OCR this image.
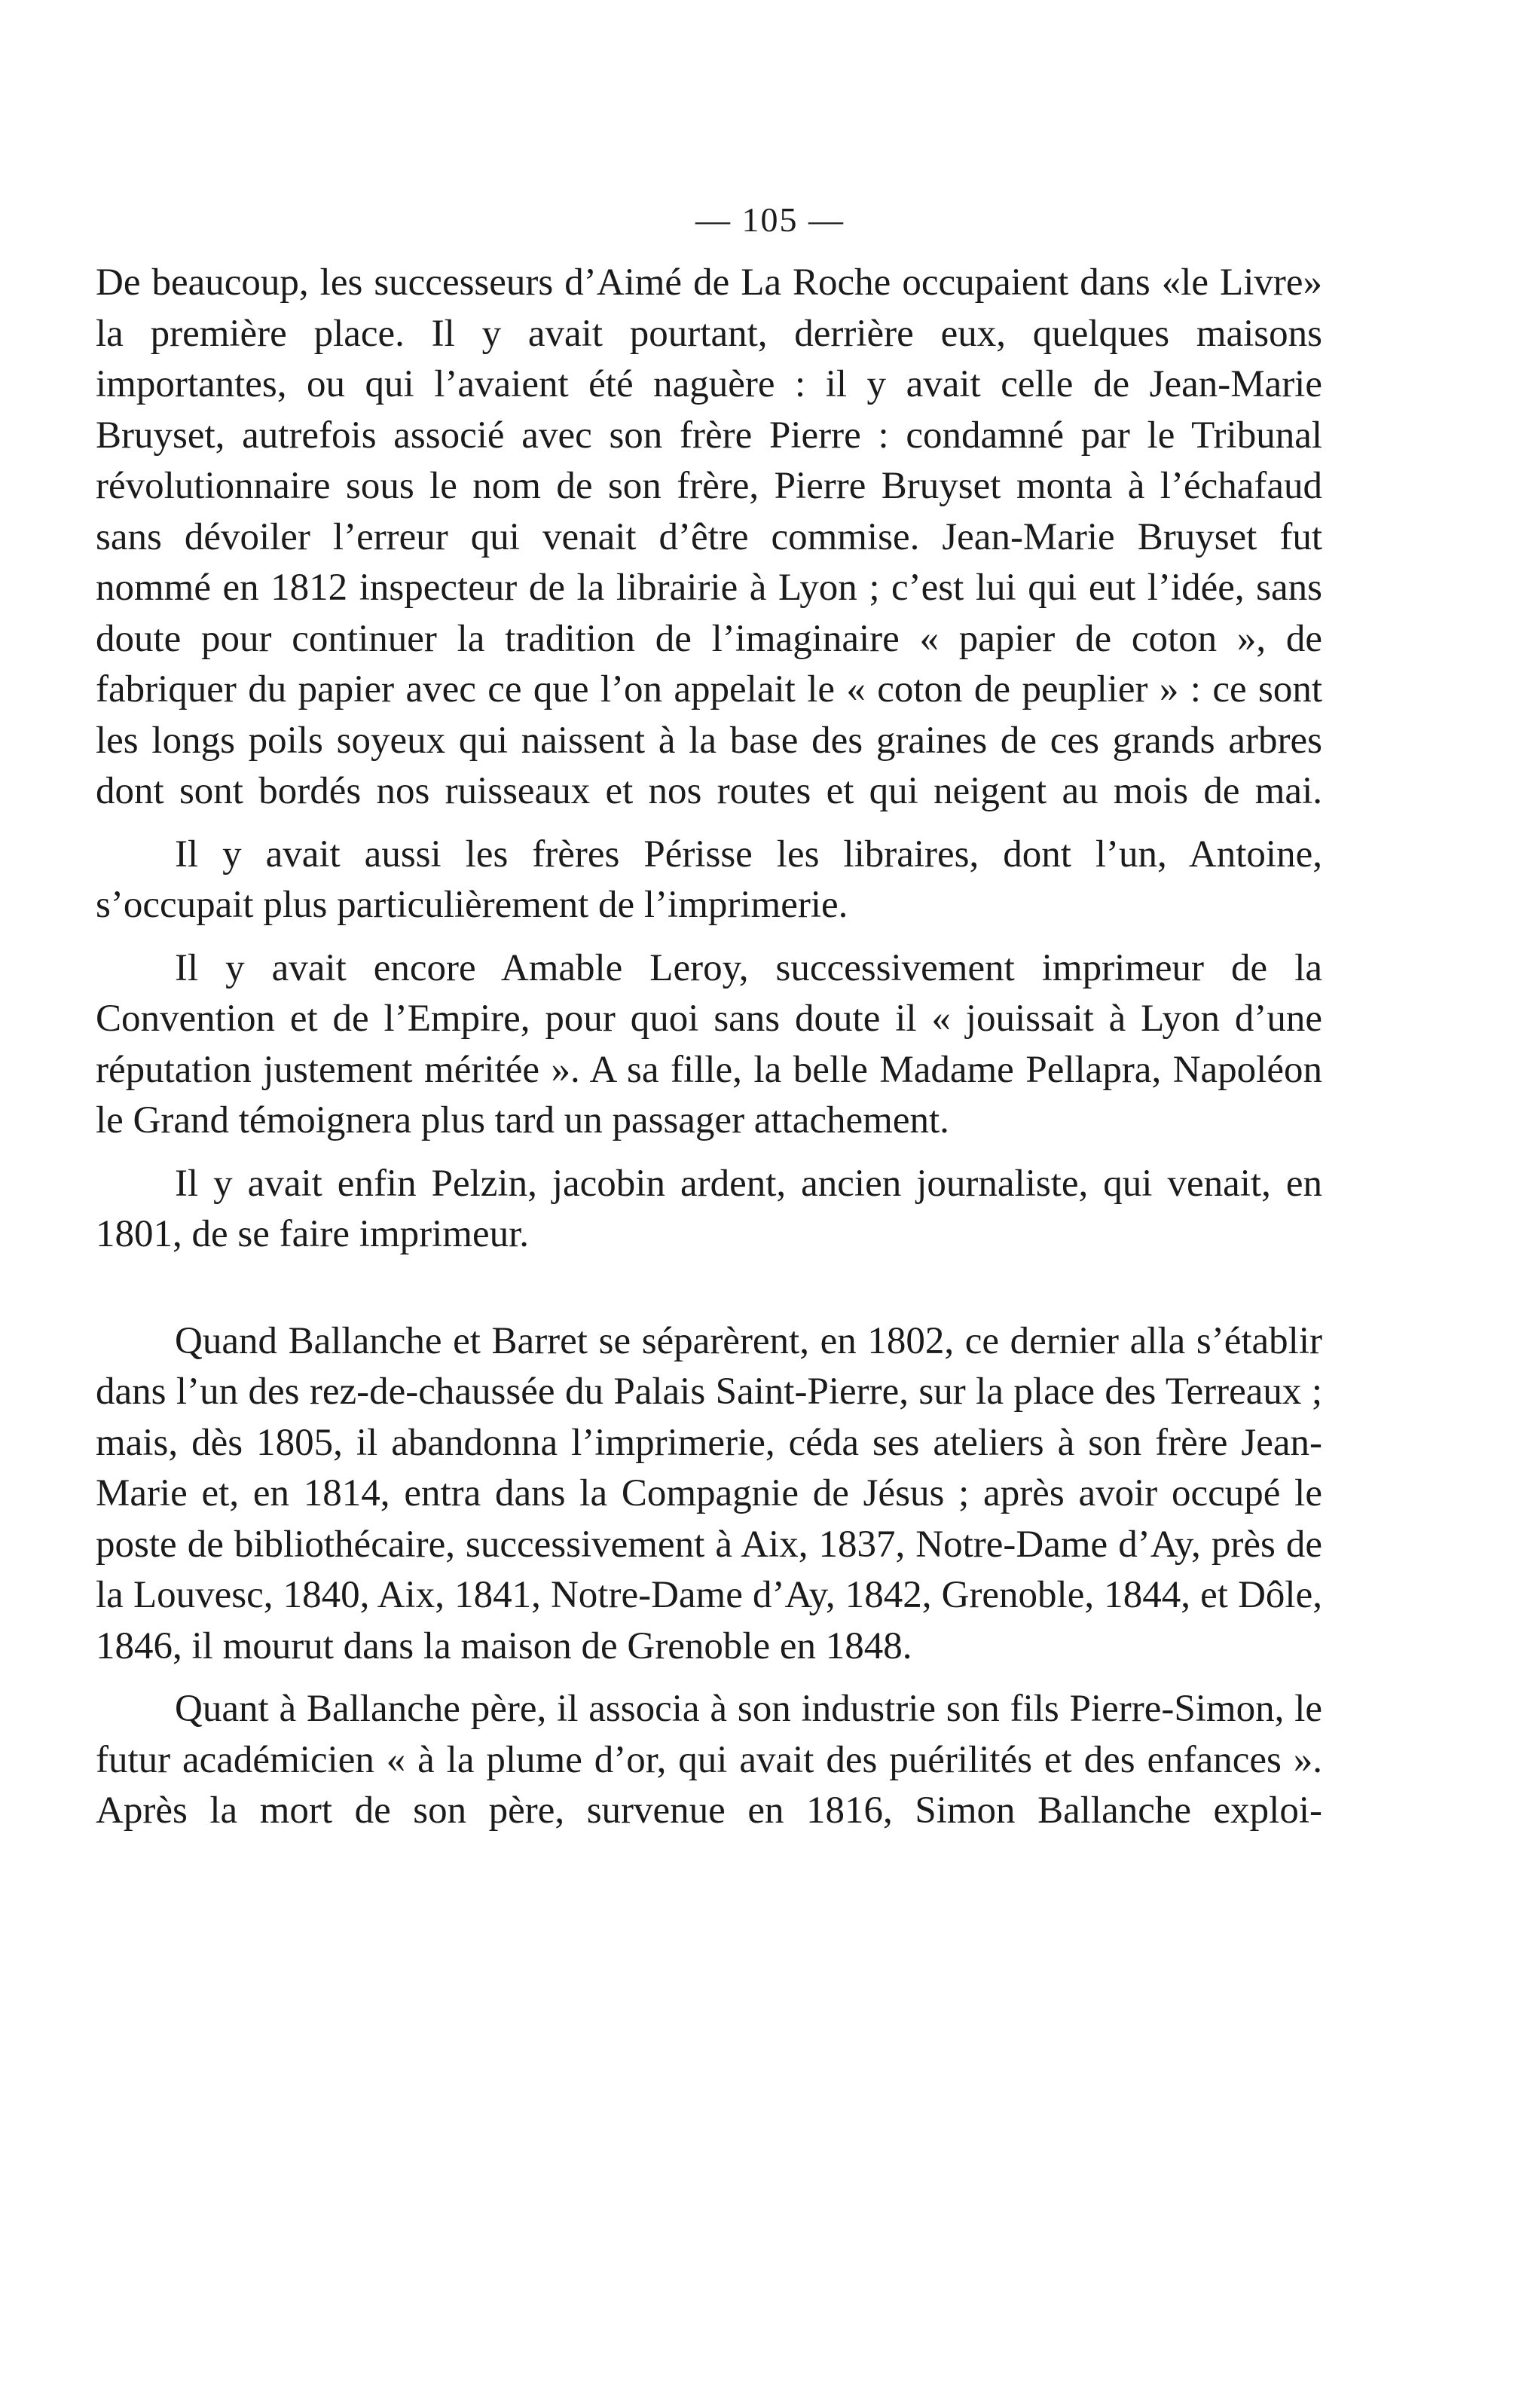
— 105 —

De beaucoup, les successeurs d’Aimé de La Roche occupaient dans «le Livre» la première place. Il y avait pourtant, derrière eux, quelques maisons importantes, ou qui l’avaient été naguère : il y avait celle de Jean-Marie Bruyset, autrefois associé avec son frère Pierre : condamné par le Tribunal révolutionnaire sous le nom de son frère, Pierre Bruyset monta à l’échafaud sans dévoiler l’erreur qui venait d’être commise. Jean-Marie Bruyset fut nommé en 1812 inspecteur de la librairie à Lyon ; c’est lui qui eut l’idée, sans doute pour continuer la tradition de l’imaginaire « papier de coton », de fabriquer du papier avec ce que l’on appelait le « coton de peuplier » : ce sont les longs poils soyeux qui naissent à la base des graines de ces grands arbres dont sont bordés nos ruisseaux et nos routes et qui neigent au mois de mai.

Il y avait aussi les frères Périsse les libraires, dont l’un, Antoine, s’occupait plus particulièrement de l’imprimerie.

Il y avait encore Amable Leroy, successivement imprimeur de la Convention et de l’Empire, pour quoi sans doute il « jouissait à Lyon d’une réputation justement méritée ». A sa fille, la belle Madame Pellapra, Napoléon le Grand témoignera plus tard un passager attachement.

Il y avait enfin Pelzin, jacobin ardent, ancien journaliste, qui venait, en 1801, de se faire imprimeur.

Quand Ballanche et Barret se séparèrent, en 1802, ce dernier alla s’établir dans l’un des rez-de-chaussée du Palais Saint-Pierre, sur la place des Terreaux ; mais, dès 1805, il abandonna l’imprimerie, céda ses ateliers à son frère Jean-Marie et, en 1814, entra dans la Compagnie de Jésus ; après avoir occupé le poste de bibliothécaire, successivement à Aix, 1837, Notre-Dame d’Ay, près de la Louvesc, 1840, Aix, 1841, Notre-Dame d’Ay, 1842, Grenoble, 1844, et Dôle, 1846, il mourut dans la maison de Grenoble en 1848.

Quant à Ballanche père, il associa à son industrie son fils Pierre-Simon, le futur académicien « à la plume d’or, qui avait des puérilités et des enfances ». Après la mort de son père, survenue en 1816, Simon Ballanche exploi-
